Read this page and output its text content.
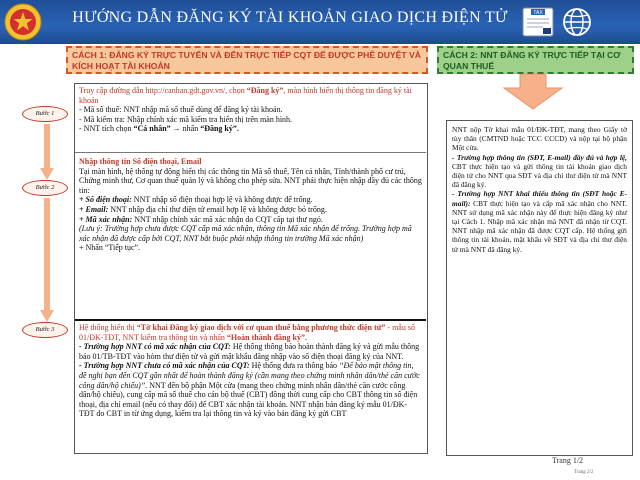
HƯỚNG DẪN ĐĂNG KÝ TÀI KHOẢN GIAO DỊCH ĐIỆN TỬ	TAX
CÁCH 1: ĐĂNG KÝ TRỰC TUYẾN VÀ ĐẾN TRỰC TIẾP CQT ĐỂ ĐƯỢC PHÊ DUYỆT VÀ KÍCH HOẠT TÀI KHOẢN
CÁCH 2: NNT ĐĂNG KÝ TRỰC TIẾP TẠI CƠ QUAN THUẾ
Bước 1
Bước 2
Bước 3
Truy cập đường dẫn http://canhan.gdt.gov.vn/, chọn “Đăng ký”, màn hình hiển thị thông tin đăng ký tài khoản
- Mã số thuế: NNT nhập mã số thuế dùng để đăng ký tài khoản.
- Mã kiểm tra: Nhập chính xác mã kiểm tra hiển thị trên màn hình.
- NNT tích chọn “Cá nhân” → nhấn “Đăng ký”.
Nhập thông tin Số điện thoại, Email
Tại màn hình, hệ thống tự động hiển thị các thông tin Mã số thuế, Tên cá nhân, Tỉnh/thành phố cư trú, Chứng minh thư, Cơ quan thuế quản lý và không cho phép sửa. NNT phải thực hiện nhập đầy đủ các thông tin:
+ Số điện thoại: NNT nhập số điện thoại hợp lệ và không được để trống.
+ Email: NNT nhập địa chỉ thư điện tử email hợp lệ và không được bỏ trống.
+ Mã xác nhận: NNT nhập chính xác mã xác nhận do CQT cấp tại thư ngỏ.
(Lưu ý: Trường hợp chưa được CQT cấp mã xác nhận, thông tin Mã xác nhận để trống. Trường hợp mã xác nhận đã được cấp bởi CQT, NNT bắt buộc phải nhập thông tin trường Mã xác nhận)
+ Nhấn “Tiếp tục”.
Hệ thống hiển thị “Tờ khai Đăng ký giao dịch với cơ quan thuế bằng phương thức điện tử” - mẫu số 01/ĐK-TĐT, NNT kiểm tra thông tin và nhấn “Hoàn thành đăng ký”.
- Trường hợp NNT có mã xác nhận của CQT: Hệ thống thông báo hoàn thành đăng ký và gửi mẫu thông báo 01/TB-TĐT vào hòm thư điện tử và gửi mật khẩu đăng nhập vào số điện thoại đăng ký của NNT.
- Trường hợp NNT chưa có mã xác nhận của CQT: Hệ thống đưa ra thông báo “Để bảo mật thông tin, đề nghị bạn đến CQT gần nhất để hoàn thành đăng ký (cần mang theo chứng minh nhân dân/thẻ căn cước công dân/hộ chiếu)”. NNT đến bộ phận Một cửa (mang theo chứng minh nhân dân/thẻ căn cước công dân/hộ chiếu), cung cấp mã số thuế cho cán bộ thuế (CBT) đồng thời cung cấp cho CBT thông tin số điện thoại, địa chỉ email (nếu có thay đổi) để CBT xác nhận tài khoản. NNT nhận bản đăng ký mẫu 01/ĐK-TĐT do CBT in từ ứng dụng, kiểm tra lại thông tin và ký vào bản đăng ký gửi CBT
NNT nộp Tờ khai mẫu 01/ĐK-TĐT, mang theo Giấy tờ tùy thân (CMTND hoặc TCC CCCD) và nộp tại bộ phận Một cửa.
- Trường hợp thông tin (SĐT, E-mail) đầy đủ và hợp lệ, CBT thực hiện tạo và gửi thông tin tài khoản giao dịch điện tử cho NNT qua SĐT và địa chỉ thư điện tử mà NNT đã đăng ký.
- Trường hợp NNT khai thiếu thông tin (SĐT hoặc E-mail): CBT thực hiện tạo và cấp mã xác nhận cho NNT. NNT sử dụng mã xác nhận này để thực hiện đăng ký như tại Cách 1. Nhập mã xác nhận mà NNT đã nhận từ CQT. NNT nhập mã xác nhận đã được CQT cấp. Hệ thống gửi thông tin tài khoản, mật khẩu về SĐT và địa chỉ thư điện tử mà NNT đã đăng ký.
Trang 1/2
Trang 2/2
